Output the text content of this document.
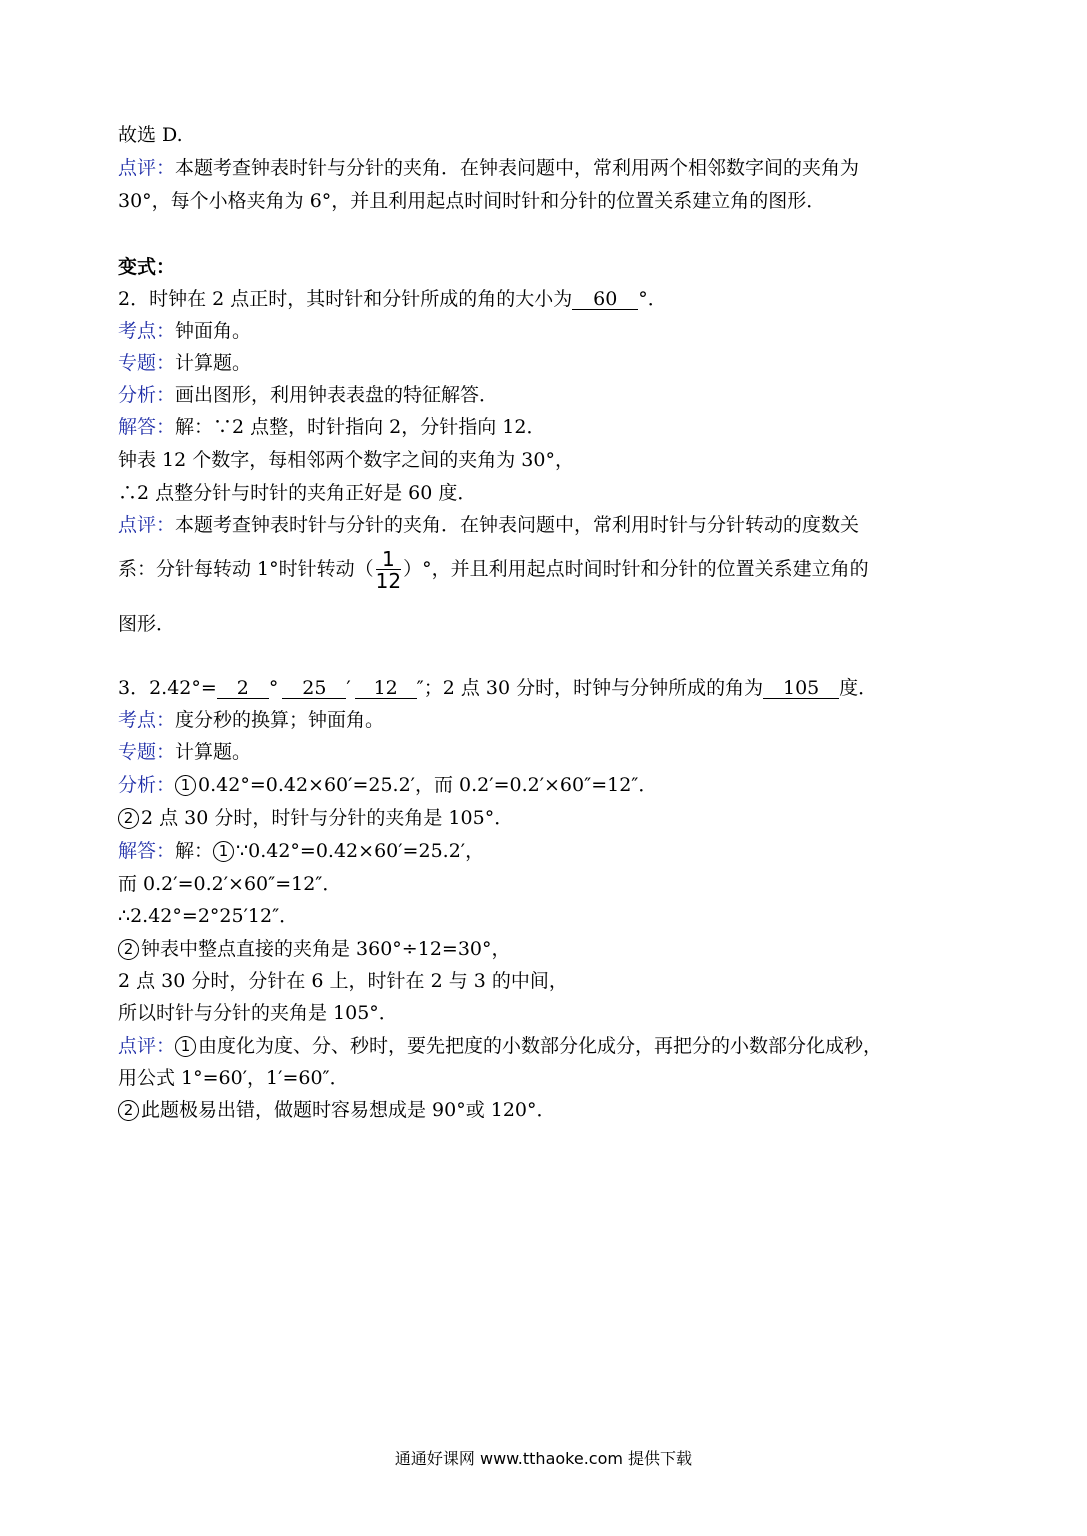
故选 D.
点评：本题考查钟表时针与分针的夹角．在钟表问题中，常利用两个相邻数字间的夹角为
30°，每个小格夹角为 6°，并且利用起点时间时针和分针的位置关系建立角的图形．
变式：
2．时钟在 2 点正时，其时针和分针所成的角的大小为 60 °．
考点：钟面角。
专题：计算题。
分析：画出图形，利用钟表表盘的特征解答．
解答：解：∵2 点整，时针指向 2，分针指向 12．
钟表 12 个数字，每相邻两个数字之间的夹角为 30°，
∴2 点整分针与时针的夹角正好是 60 度．
点评：本题考查钟表时针与分针的夹角．在钟表问题中，常利用时针与分针转动的度数关
系：分针每转动 1°时针转动（ $\frac{1}{12}$ ）°，并且利用起点时间时针和分针的位置关系建立角的
图形．
3．2.42°= 2 ° 25 ′ 12 ″；2 点 30 分时，时钟与分钟所成的角为 105 度．
考点：度分秒的换算；钟面角。
专题：计算题。
分析： 1 0.42°=0.42×60′=25.2′，而 0.2′=0.2′×60″=12″．
2 2 点 30 分时，时针与分针的夹角是 105°．
解答：解： 1 ∵0.42°=0.42×60′=25.2′，
而 0.2′=0.2′×60″=12″．
∴2.42°=2°25′12″．
2 钟表中整点直接的夹角是 360°÷12=30°，
2 点 30 分时，分针在 6 上，时针在 2 与 3 的中间，
所以时针与分针的夹角是 105°．
点评： 1 由度化为度、分、秒时，要先把度的小数部分化成分，再把分的小数部分化成秒，
用公式 1°=60′，1′=60″．
2 此题极易出错，做题时容易想成是 90°或 120°．
通通好课网 www.tthaoke.com 提供下载
